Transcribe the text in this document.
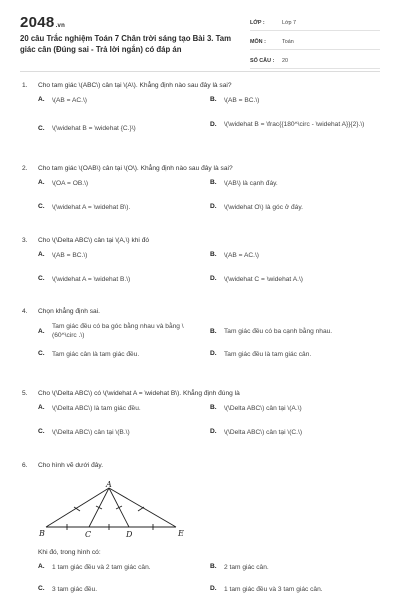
2048.vn
20 câu Trắc nghiệm Toán 7 Chân trời sáng tạo Bài 3. Tam giác cân (Đúng sai - Trả lời ngắn) có đáp án
LỚP :	Lớp 7
MÔN :	Toán
SỐ CÂU :	20
1.	Cho tam giác \(ABC\) cân tại \(A\). Khẳng định nào sau đây là sai?
A.	\(AB = AC.\)	B.	\(AB = BC.\)
C.	\(\widehat B = \widehat {C.}\)
D.	\(\widehat B = \frac{{180^\circ - \widehat A}}{2}.\)
2.	Cho tam giác \(OAB\) cân tại \(O\). Khẳng định nào sau đây là sai?
A.	\(OA = OB.\)	B.	\(AB\) là cạnh đáy.
C.	\(\widehat A = \widehat B\).	D.	\(\widehat O\) là góc ở đáy.
3.	Cho \(\Delta ABC\) cân tại \(A,\) khi đó
A.	\(AB = BC.\)	B.	\(AB = AC.\)
C.	\(\widehat A = \widehat B.\)	D.	\(\widehat C = \widehat A.\)
4.	Chọn khẳng định sai.
A.
Tam giác đều có ba góc bằng nhau và bằng \(60^\circ .\)
B.	Tam giác đều có ba cạnh bằng nhau.
C.	Tam giác cân là tam giác đều.	D.	Tam giác đều là tam giác cân.
5.	Cho \(\Delta ABC\) có \(\widehat A = \widehat B\). Khẳng định đúng là
A.	\(\Delta ABC\) là tam giác đều.	B.	\(\Delta ABC\) cân tại \(A.\)
C.	\(\Delta ABC\) cân tại \(B.\)	D.	\(\Delta ABC\) cân tại \(C.\)
6.	Cho hình vẽ dưới đây.
A
B	C	D	E
Khi đó, trong hình có:
A.	1 tam giác đều và 2 tam giác cân.	B.	2 tam giác cân.
C.	3 tam giác đều.	D.	1 tam giác đều và 3 tam giác cân.
